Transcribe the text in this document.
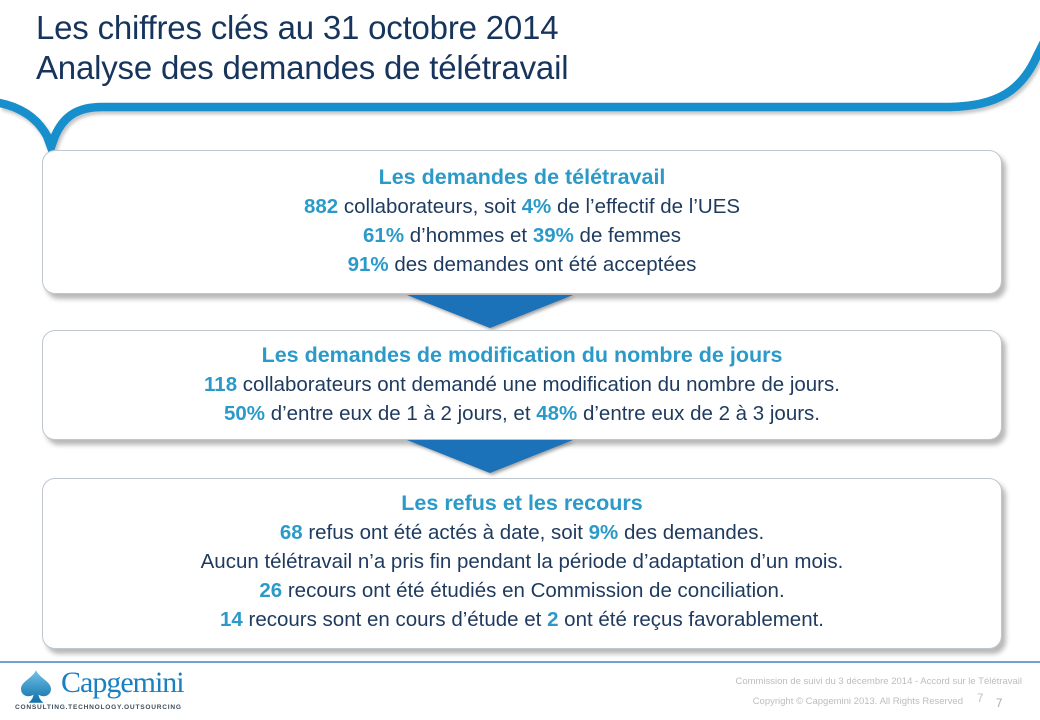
Les chiffres clés au 31 octobre 2014
Analyse des demandes de télétravail
Les demandes de télétravail

882 collaborateurs, soit 4% de l’effectif de l’UES

61% d’hommes et 39% de femmes

91% des demandes ont été acceptées

Les demandes de modification du nombre de jours

118 collaborateurs ont demandé une modification du nombre de jours.

50% d’entre eux de 1 à 2 jours, et 48% d’entre eux de 2 à 3 jours.

Les refus et les recours

68 refus ont été actés à date, soit 9% des demandes.

Aucun télétravail n’a pris fin pendant la période d’adaptation d’un mois.

26 recours ont été étudiés en Commission de conciliation.

14 recours sont en cours d’étude et 2 ont été reçus favorablement.

Capgemini
CONSULTING.TECHNOLOGY.OUTSOURCING
Commission de suivi du 3 décembre 2014 - Accord sur le Télétravail
Copyright © Capgemini 2013. All Rights Reserved 7 7
